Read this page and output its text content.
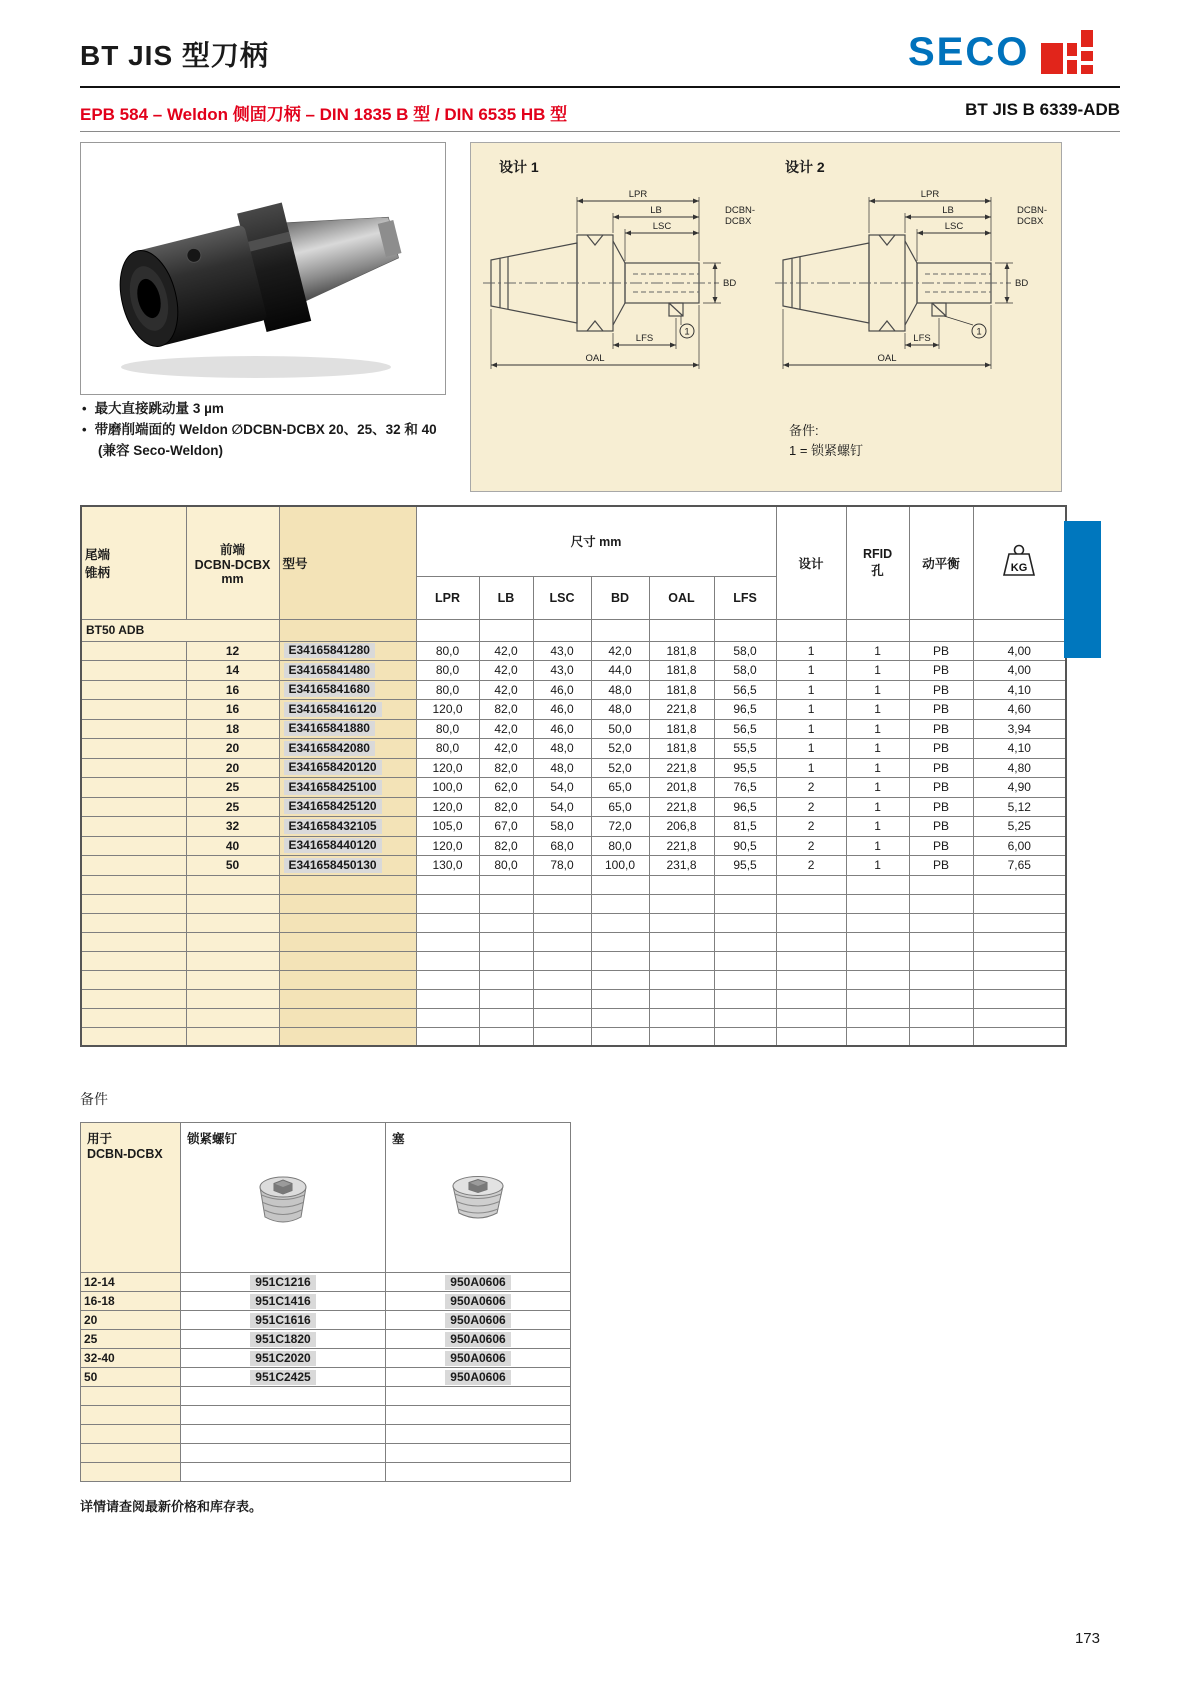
BT JIS 型刀柄	SECO
EPB 584 – Weldon 侧固刀柄 – DIN 1835 B 型 / DIN 6535 HB 型	BT JIS B 6339-ADB
• 最大直接跳动量 3 µm
• 带磨削端面的 Weldon ∅DCBN-DCBX 20、25、32 和 40
(兼容 Seco-Weldon)
设计 1	设计 2
LPR
LB
LSC
DCBN-
DCBX
BD
LFS
OAL
1
LPR
LB
LSC
DCBN-
DCBX
BD
LFS
OAL
1
备件:
1 = 锁紧螺钉
尾端
锥柄

前端
DCBN-DCBX
mm
	型号	尺寸 mm	设计	
RFID
孔	动平衡	KG

			LPR	LB	LSC	BD	OAL	LFS				
BT50 ADB												
	12	E34165841280	80,0	42,0	43,0	42,0	181,8	58,0	1	1	PB	4,00
	14	E34165841480	80,0	42,0	43,0	44,0	181,8	58,0	1	1	PB	4,00
	16	E34165841680	80,0	42,0	46,0	48,0	181,8	56,5	1	1	PB	4,10
	16	E341658416120	120,0	82,0	46,0	48,0	221,8	96,5	1	1	PB	4,60
	18	E34165841880	80,0	42,0	46,0	50,0	181,8	56,5	1	1	PB	3,94
	20	E34165842080	80,0	42,0	48,0	52,0	181,8	55,5	1	1	PB	4,10
	20	E341658420120	120,0	82,0	48,0	52,0	221,8	95,5	1	1	PB	4,80
	25	E341658425100	100,0	62,0	54,0	65,0	201,8	76,5	2	1	PB	4,90
	25	E341658425120	120,0	82,0	54,0	65,0	221,8	96,5	2	1	PB	5,12
	32	E341658432105	105,0	67,0	58,0	72,0	206,8	81,5	2	1	PB	5,25
	40	E341658440120	120,0	82,0	68,0	80,0	221,8	90,5	2	1	PB	6,00
	50	E341658450130	130,0	80,0	78,0	100,0	231,8	95,5	2	1	PB	7,65

备件
用于
DCBN-DCBX	锁紧螺钉	塞

12-14	951C1216	950A0606
16-18	951C1416	950A0606
20	951C1616	950A0606
25	951C1820	950A0606
32-40	951C2020	950A0606
50	951C2425	950A0606

详情请查阅最新价格和库存表。
173
